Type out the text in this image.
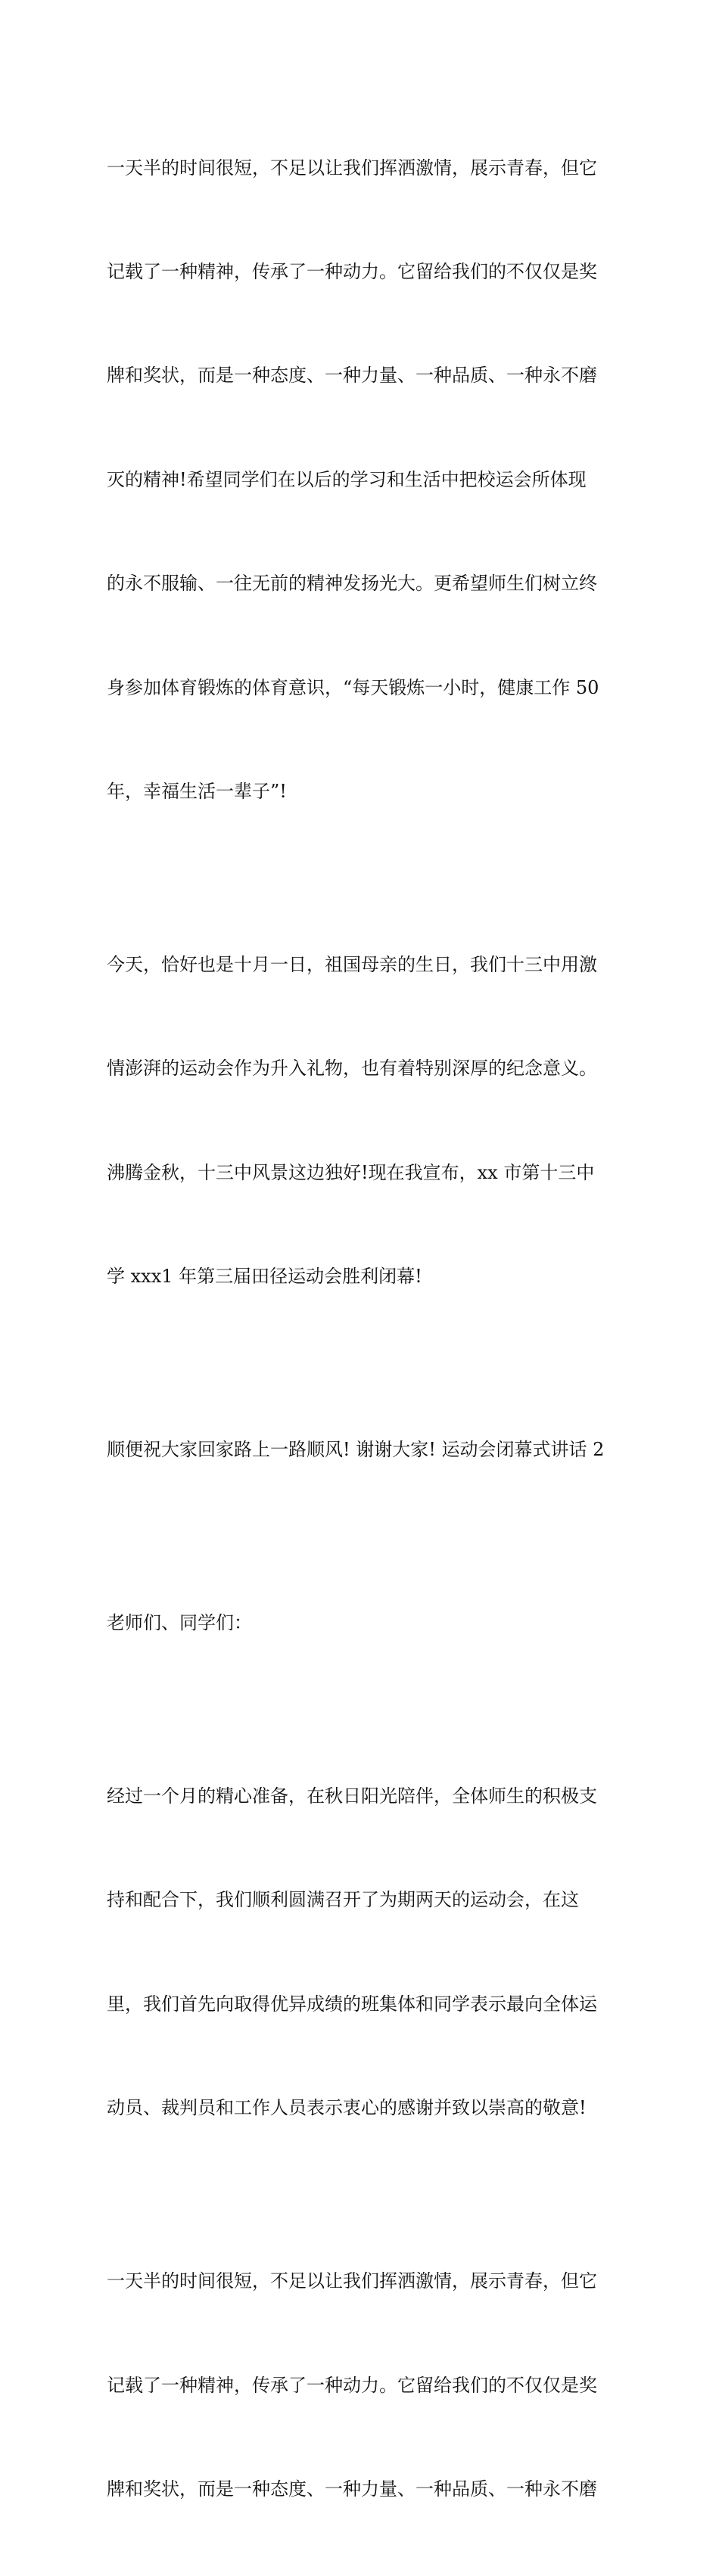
一天半的时间很短，不足以让我们挥洒激情，展示青春，但它

记载了一种精神，传承了一种动力。它留给我们的不仅仅是奖

牌和奖状，而是一种态度、一种力量、一种品质、一种永不磨

灭的精神!希望同学们在以后的学习和生活中把校运会所体现

的永不服输、一往无前的精神发扬光大。更希望师生们树立终

身参加体育锻炼的体育意识，“每天锻炼一小时，健康工作 50

年，幸福生活一辈子”!

今天，恰好也是十月一日，祖国母亲的生日，我们十三中用激

情澎湃的运动会作为升入礼物，也有着特别深厚的纪念意义。

沸腾金秋，十三中风景这边独好!现在我宣布，xx 市第十三中

学 xxx1 年第三届田径运动会胜利闭幕!

顺便祝大家回家路上一路顺风! 谢谢大家! 运动会闭幕式讲话 2

老师们、同学们：

经过一个月的精心准备，在秋日阳光陪伴，全体师生的积极支

持和配合下，我们顺利圆满召开了为期两天的运动会，在这

里，我们首先向取得优异成绩的班集体和同学表示最向全体运

动员、裁判员和工作人员表示衷心的感谢并致以崇高的敬意!

一天半的时间很短，不足以让我们挥洒激情，展示青春，但它

记载了一种精神，传承了一种动力。它留给我们的不仅仅是奖

牌和奖状，而是一种态度、一种力量、一种品质、一种永不磨
